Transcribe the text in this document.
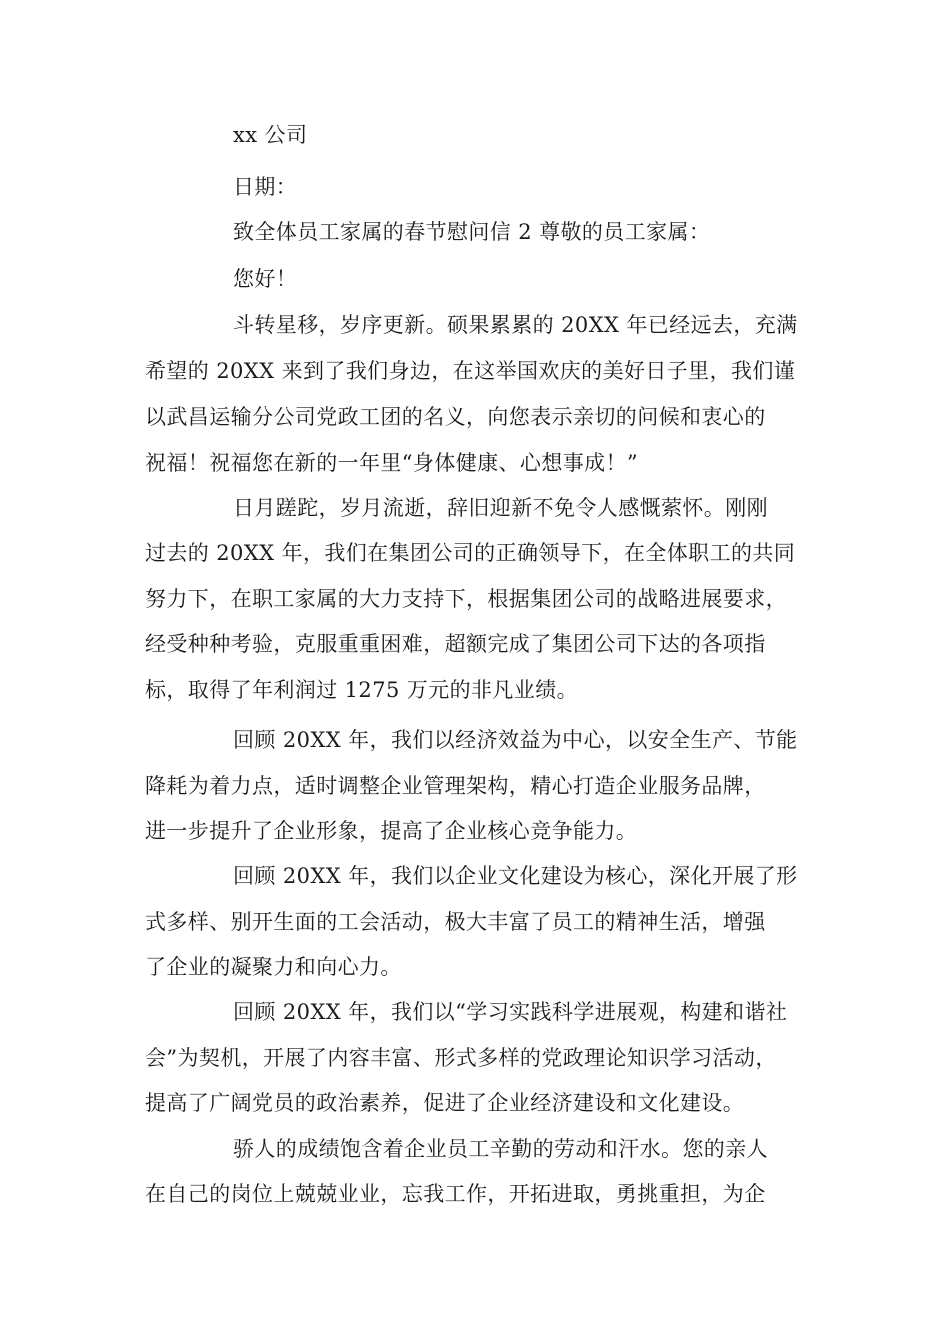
xx 公司
日期：
致全体员工家属的春节慰问信 2 尊敬的员工家属：
您好！
斗转星移，岁序更新。硕果累累的 20XX 年已经远去，充满
希望的 20XX 来到了我们身边，在这举国欢庆的美好日子里，我们谨
以武昌运输分公司党政工团的名义，向您表示亲切的问候和衷心的
祝福！祝福您在新的一年里“身体健康、心想事成！”
日月蹉跎，岁月流逝，辞旧迎新不免令人感慨萦怀。刚刚
过去的 20XX 年，我们在集团公司的正确领导下，在全体职工的共同
努力下，在职工家属的大力支持下，根据集团公司的战略进展要求，
经受种种考验，克服重重困难，超额完成了集团公司下达的各项指
标，取得了年利润过 1275 万元的非凡业绩。
回顾 20XX 年，我们以经济效益为中心，以安全生产、节能
降耗为着力点，适时调整企业管理架构，精心打造企业服务品牌，
进一步提升了企业形象，提高了企业核心竞争能力。
回顾 20XX 年，我们以企业文化建设为核心，深化开展了形
式多样、别开生面的工会活动，极大丰富了员工的精神生活，增强
了企业的凝聚力和向心力。
回顾 20XX 年，我们以“学习实践科学进展观，构建和谐社
会”为契机，开展了内容丰富、形式多样的党政理论知识学习活动，
提高了广阔党员的政治素养，促进了企业经济建设和文化建设。
骄人的成绩饱含着企业员工辛勤的劳动和汗水。您的亲人
在自己的岗位上兢兢业业，忘我工作，开拓进取，勇挑重担，为企
